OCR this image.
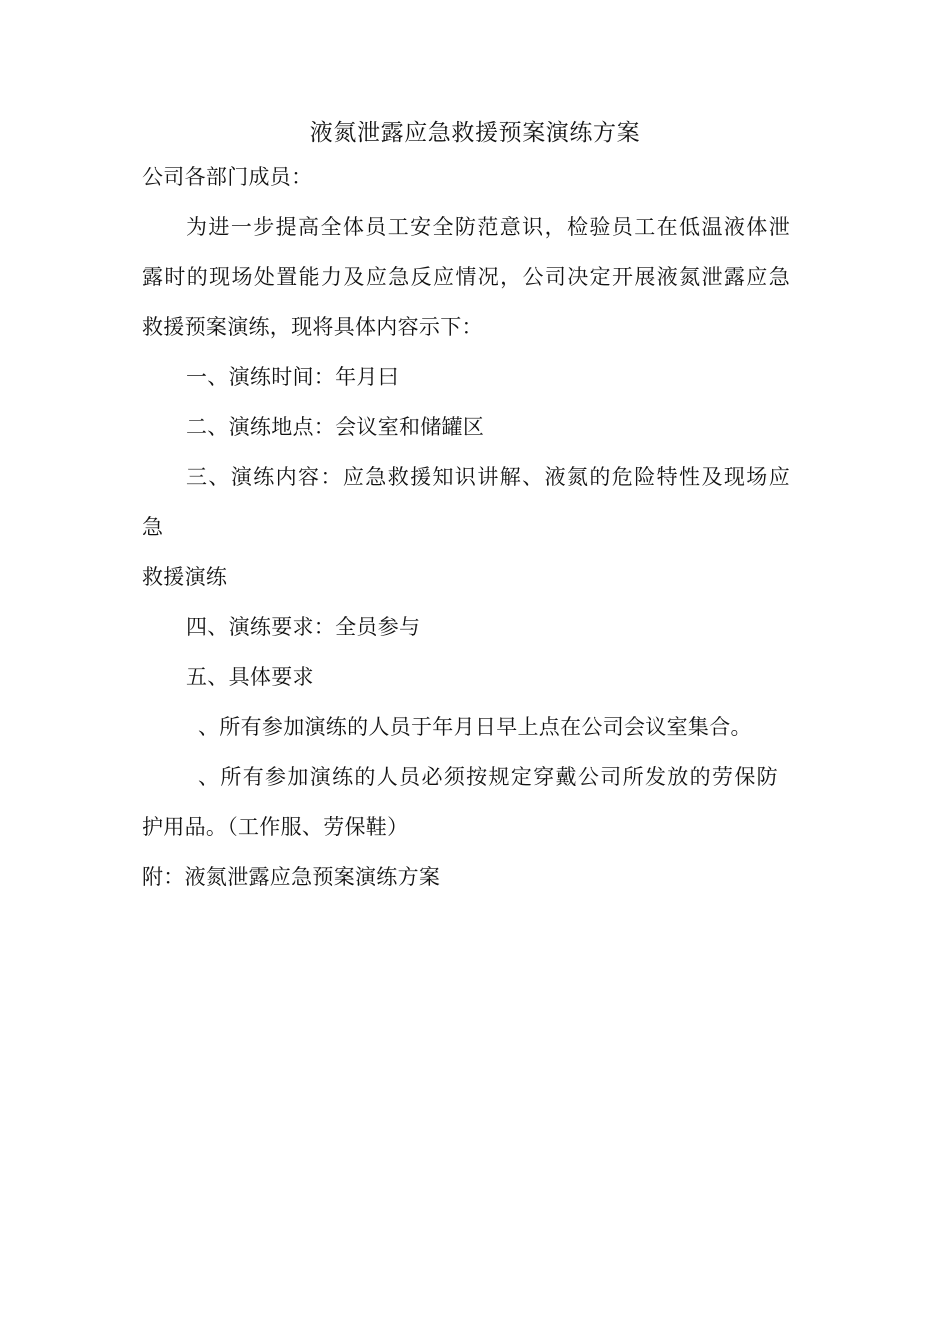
液氮泄露应急救援预案演练方案
公司各部门成员：
为进一步提高全体员工安全防范意识，检验员工在低温液体泄
露时的现场处置能力及应急反应情况，公司决定开展液氮泄露应急
救援预案演练，现将具体内容示下：
一、演练时间：年月曰
二、演练地点：会议室和储罐区
三、演练内容：应急救援知识讲解、液氮的危险特性及现场应
急
救援演练
四、演练要求：全员参与
五、具体要求
、所有参加演练的人员于年月日早上点在公司会议室集合。
、所有参加演练的人员必须按规定穿戴公司所发放的劳保防
护用品。（工作服、劳保鞋）
附：液氮泄露应急预案演练方案
